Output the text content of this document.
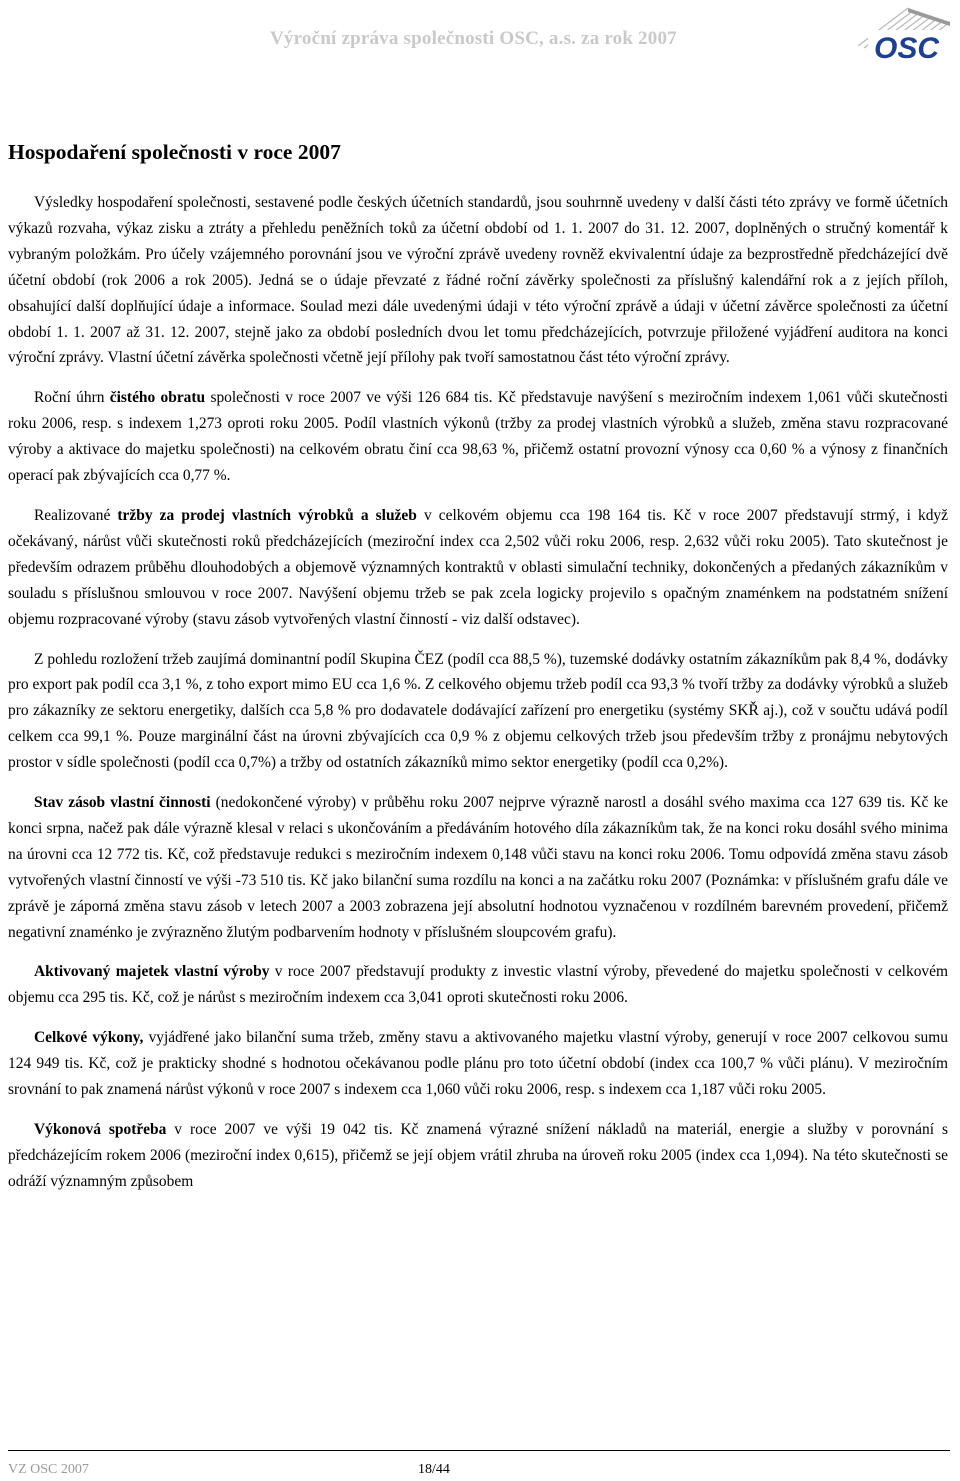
Výroční zpráva společnosti OSC, a.s. za rok 2007	OSC
Hospodaření společnosti v roce 2007

Výsledky hospodaření společnosti, sestavené podle českých účetních standardů, jsou souhrnně uvedeny v další části této zprávy ve formě účetních výkazů rozvaha, výkaz zisku a ztráty a přehledu peněžních toků za účetní období od 1. 1. 2007 do 31. 12. 2007, doplněných o stručný komentář k vybraným položkám. Pro účely vzájemného porovnání jsou ve výroční zprávě uvedeny rovněž ekvivalentní údaje za bezprostředně předcházející dvě účetní období (rok 2006 a rok 2005). Jedná se o údaje převzaté z řádné roční závěrky společnosti za příslušný kalendářní rok a z jejích příloh, obsahující další doplňující údaje a informace. Soulad mezi dále uvedenými údaji v této výroční zprávě a údaji v účetní závěrce společnosti za účetní období 1. 1. 2007 až 31. 12. 2007, stejně jako za období posledních dvou let tomu předcházejících, potvrzuje přiložené vyjádření auditora na konci výroční zprávy. Vlastní účetní závěrka společnosti včetně její přílohy pak tvoří samostatnou část této výroční zprávy.

Roční úhrn čistého obratu společnosti v roce 2007 ve výši 126 684 tis. Kč představuje navýšení s meziročním indexem 1,061 vůči skutečnosti roku 2006, resp. s indexem 1,273 oproti roku 2005. Podíl vlastních výkonů (tržby za prodej vlastních výrobků a služeb, změna stavu rozpracované výroby a aktivace do majetku společnosti) na celkovém obratu činí cca 98,63 %, přičemž ostatní provozní výnosy cca 0,60 % a výnosy z finančních operací pak zbývajících cca 0,77 %.

Realizované tržby za prodej vlastních výrobků a služeb v celkovém objemu cca 198 164 tis. Kč v roce 2007 představují strmý, i když očekávaný, nárůst vůči skutečnosti roků předcházejících (meziroční index cca 2,502 vůči roku 2006, resp. 2,632 vůči roku 2005). Tato skutečnost je především odrazem průběhu dlouhodobých a objemově významných kontraktů v oblasti simulační techniky, dokončených a předaných zákazníkům v souladu s příslušnou smlouvou v roce 2007. Navýšení objemu tržeb se pak zcela logicky projevilo s opačným znaménkem na podstatném snížení objemu rozpracované výroby (stavu zásob vytvořených vlastní činností - viz další odstavec).

Z pohledu rozložení tržeb zaujímá dominantní podíl Skupina ČEZ (podíl cca 88,5 %), tuzemské dodávky ostatním zákazníkům pak 8,4 %, dodávky pro export pak podíl cca 3,1 %, z toho export mimo EU cca 1,6 %. Z celkového objemu tržeb podíl cca 93,3 % tvoří tržby za dodávky výrobků a služeb pro zákazníky ze sektoru energetiky, dalších cca 5,8 % pro dodavatele dodávající zařízení pro energetiku (systémy SKŘ aj.), což v součtu udává podíl celkem cca 99,1 %. Pouze marginální část na úrovni zbývajících cca 0,9 % z objemu celkových tržeb jsou především tržby z pronájmu nebytových prostor v sídle společnosti (podíl cca 0,7%) a tržby od ostatních zákazníků mimo sektor energetiky (podíl cca 0,2%).

Stav zásob vlastní činnosti (nedokončené výroby) v průběhu roku 2007 nejprve výrazně narostl a dosáhl svého maxima cca 127 639 tis. Kč ke konci srpna, načež pak dále výrazně klesal v relaci s ukončováním a předáváním hotového díla zákazníkům tak, že na konci roku dosáhl svého minima na úrovni cca 12 772 tis. Kč, což představuje redukci s meziročním indexem 0,148 vůči stavu na konci roku 2006. Tomu odpovídá změna stavu zásob vytvořených vlastní činností ve výši -73 510 tis. Kč jako bilanční suma rozdílu na konci a na začátku roku 2007 (Poznámka: v příslušném grafu dále ve zprávě je záporná změna stavu zásob v letech 2007 a 2003 zobrazena její absolutní hodnotou vyznačenou v rozdílném barevném provedení, přičemž negativní znaménko je zvýrazněno žlutým podbarvením hodnoty v příslušném sloupcovém grafu).

Aktivovaný majetek vlastní výroby v roce 2007 představují produkty z investic vlastní výroby, převedené do majetku společnosti v celkovém objemu cca 295 tis. Kč, což je nárůst s meziročním indexem cca 3,041 oproti skutečnosti roku 2006.

Celkové výkony, vyjádřené jako bilanční suma tržeb, změny stavu a aktivovaného majetku vlastní výroby, generují v roce 2007 celkovou sumu 124 949 tis. Kč, což je prakticky shodné s hodnotou očekávanou podle plánu pro toto účetní období (index cca 100,7 % vůči plánu). V meziročním srovnání to pak znamená nárůst výkonů v roce 2007 s indexem cca 1,060 vůči roku 2006, resp. s indexem cca 1,187 vůči roku 2005.

Výkonová spotřeba v roce 2007 ve výši 19 042 tis. Kč znamená výrazné snížení nákladů na materiál, energie a služby v porovnání s předcházejícím rokem 2006 (meziroční index 0,615), přičemž se její objem vrátil zhruba na úroveň roku 2005 (index cca 1,094). Na této skutečnosti se odráží významným způsobem

VZ OSC 2007	18/44
